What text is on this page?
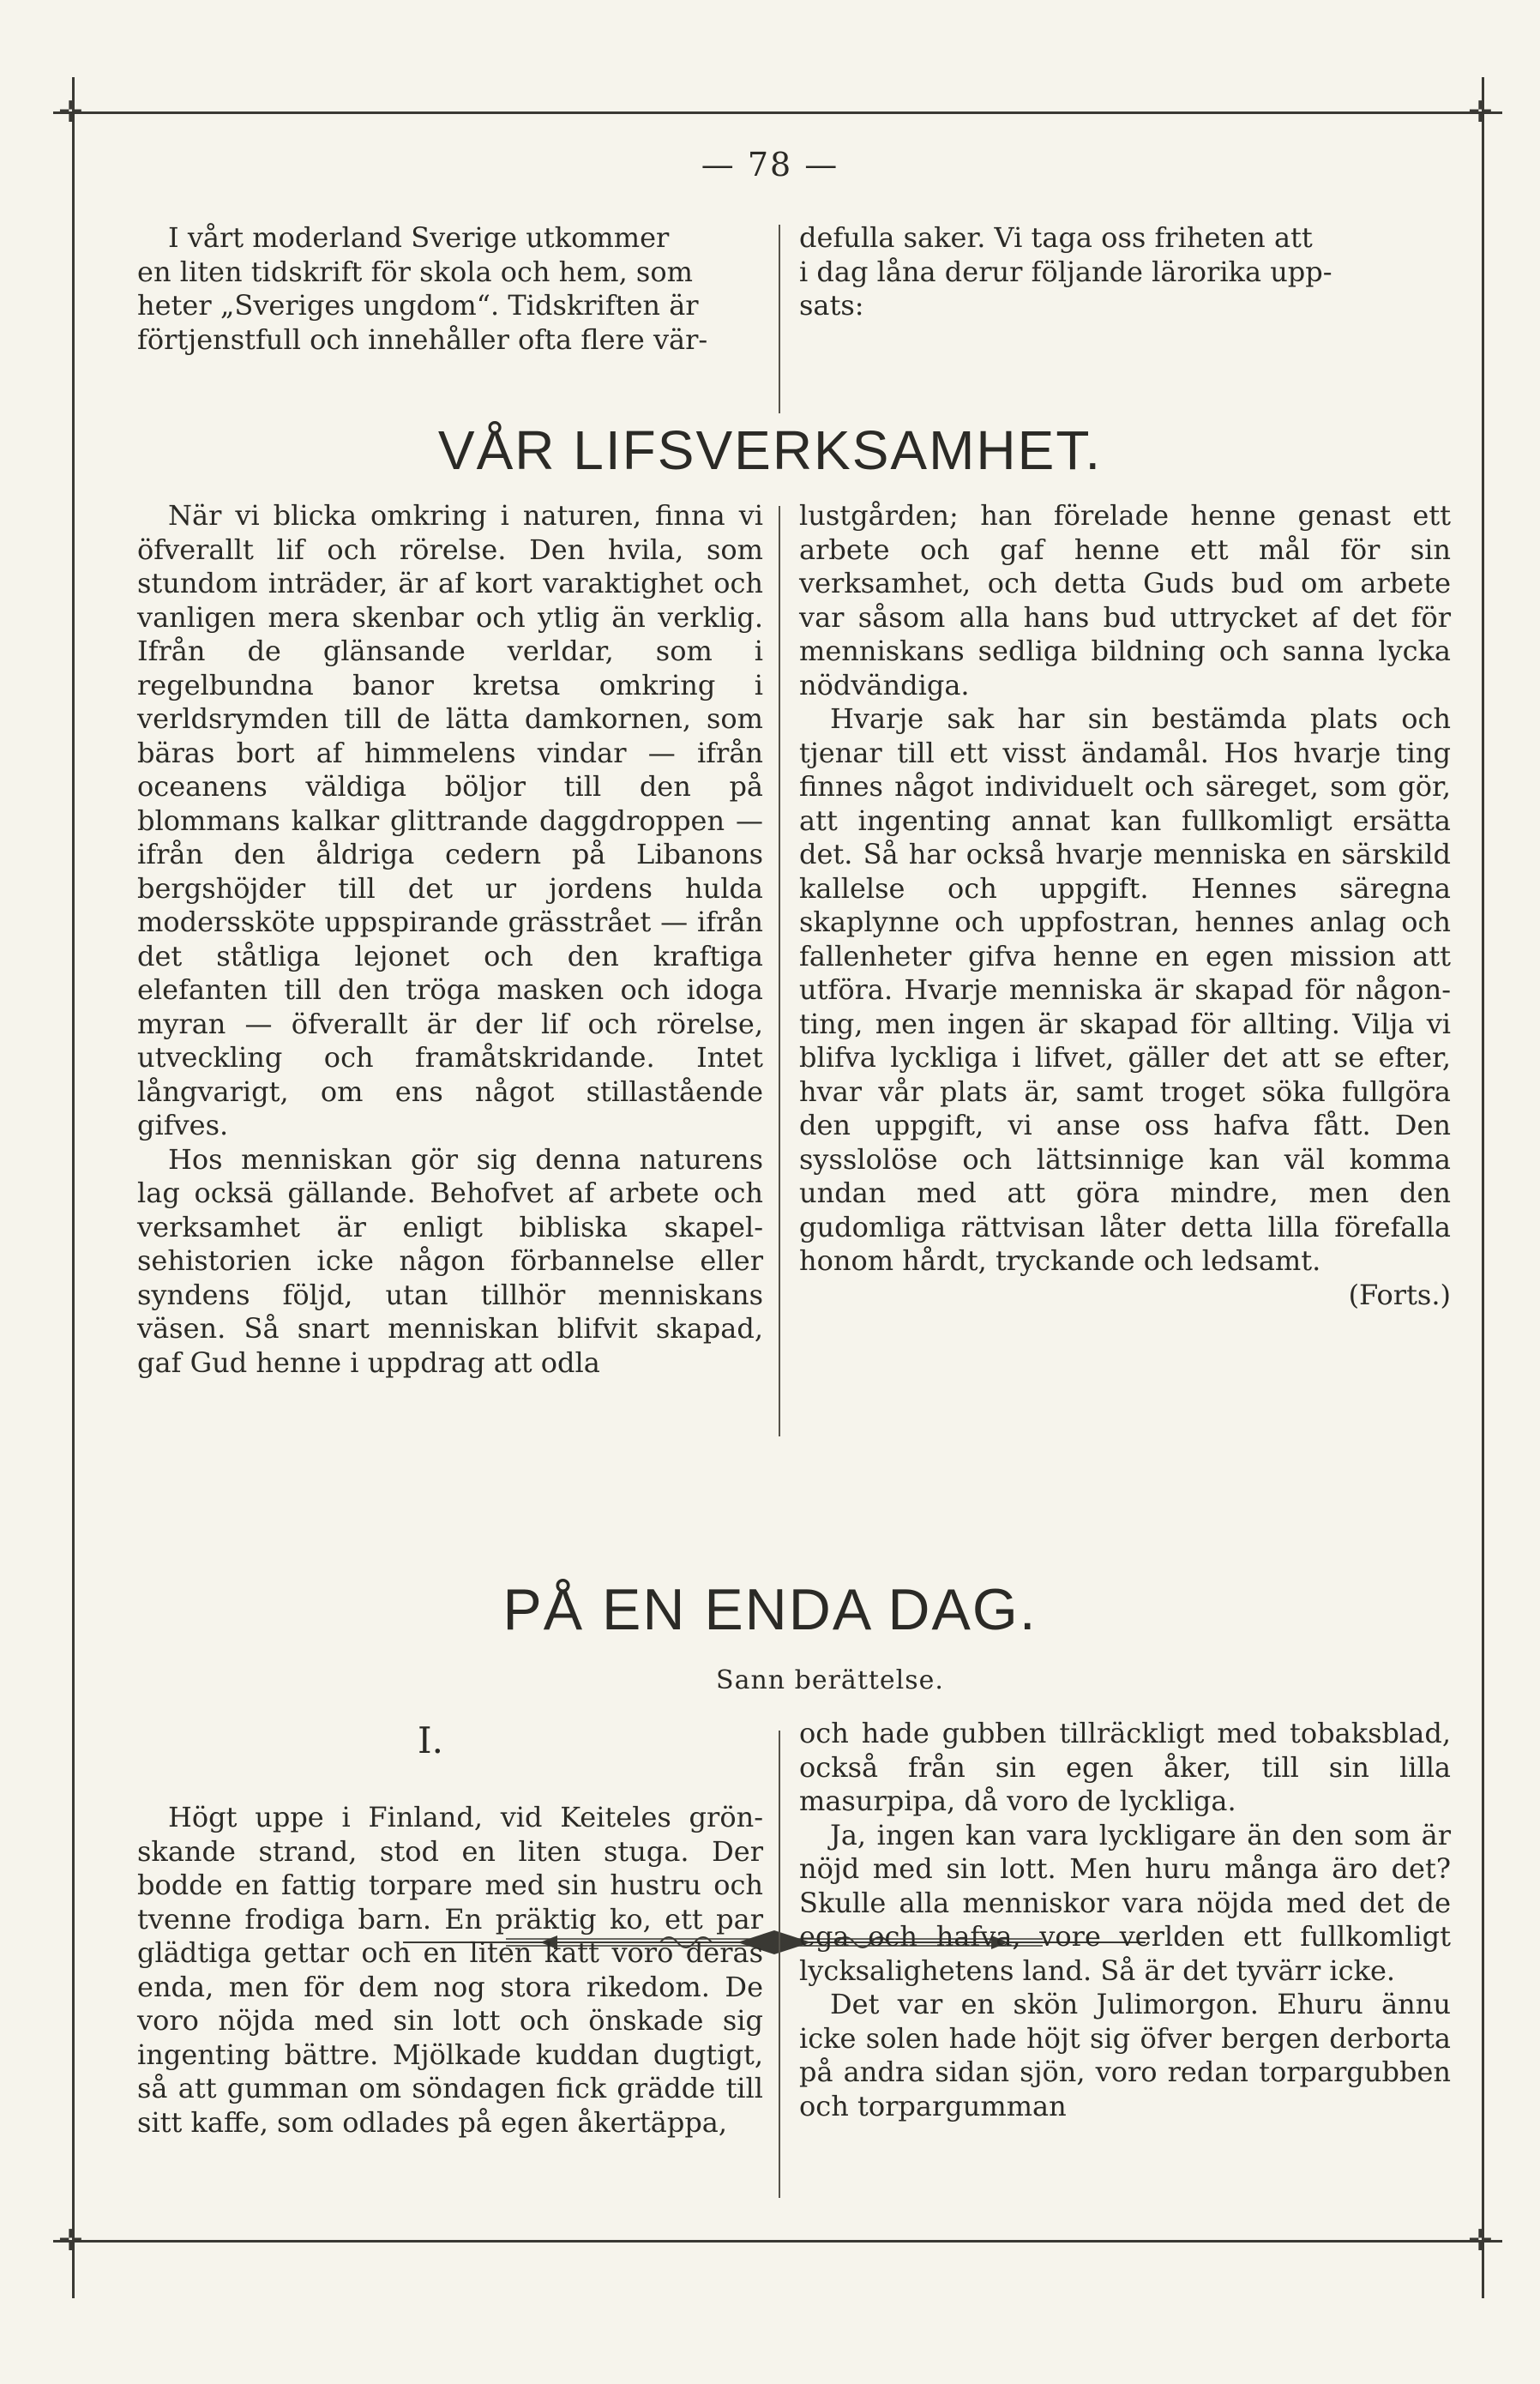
✛	✛
✛	✛
— 78 —
I vårt moderland Sverige utkommer
en liten tidskrift för skola och hem, som
heter „Sveriges ungdom“. Tidskriften är
förtjenstfull och innehåller ofta flere vär-
defulla saker. Vi taga oss friheten att
i dag låna derur följande lärorika upp-
sats:
VÅR LIFSVERKSAMHET.

När vi blicka omkring i naturen, finna vi öfverallt lif och rörelse. Den hvila, som stundom inträder, är af kort varaktighet och vanligen mera skenbar och ytlig än verklig. Ifrån de glänsande verldar, som i regelbundna banor kretsa omkring i verldsrymden till de lätta damkornen, som bäras bort af himmelens vindar — ifrån oceanens väldiga böljor till den på blommans kalkar glittrande daggdroppen — ifrån den åldriga cedern på Libanons bergshöjder till det ur jordens hulda moderssköte uppspirande grässtrået — ifrån det ståtliga lejonet och den kraftiga elefanten till den tröga masken och idoga myran — öfverallt är der lif och rörelse, utveckling och framåtskridande. Intet långvarigt, om ens något stillastående gifves.

Hos menniskan gör sig denna naturens lag ocksä gällande. Behofvet af arbete och verksamhet är enligt bibliska skapelsehistorien icke någon förbannelse eller syndens följd, utan tillhör menniskans väsen. Så snart menniskan blifvit skapad, gaf Gud henne i uppdrag att odla

lustgården; han förelade henne genast ett arbete och gaf henne ett mål för sin verksamhet, och detta Guds bud om arbete var såsom alla hans bud uttrycket af det för menniskans sedliga bildning och sanna lycka nödvändiga.

Hvarje sak har sin bestämda plats och tjenar till ett visst ändamål. Hos hvarje ting finnes något individuelt och säreget, som gör, att ingenting annat kan fullkomligt ersätta det. Så har också hvarje menniska en särskild kallelse och uppgift. Hennes säregna skaplynne och uppfostran, hennes anlag och fallenheter gifva henne en egen mission att utföra. Hvarje menniska är skapad för någonting, men ingen är skapad för allting. Vilja vi blifva lyckliga i lifvet, gäller det att se efter, hvar vår plats är, samt troget söka fullgöra den uppgift, vi anse oss hafva fått. Den sysslolöse och lättsinnige kan väl komma undan med att göra mindre, men den gudomliga rättvisan låter detta lilla förefalla honom hårdt, tryckande och ledsamt.

(Forts.)

PÅ EN ENDA DAG.
Sann berättelse.
I.

Högt uppe i Finland, vid Keiteles grönskande strand, stod en liten stuga. Der bodde en fattig torpare med sin hustru och tvenne frodiga barn. En präktig ko, ett par glädtiga gettar och en liten katt voro deras enda, men för dem nog stora rikedom. De voro nöjda med sin lott och önskade sig ingenting bättre. Mjölkade kuddan dugtigt, så att gumman om söndagen fick grädde till sitt kaffe, som odlades på egen åkertäppa,

och hade gubben tillräckligt med tobaksblad, också från sin egen åker, till sin lilla masurpipa, då voro de lyckliga.

Ja, ingen kan vara lyckligare än den som är nöjd med sin lott. Men huru många äro det? Skulle alla menniskor vara nöjda med det de ega och hafva, vore verlden ett fullkomligt lycksalighetens land. Så är det tyvärr icke.

Det var en skön Julimorgon. Ehuru ännu icke solen hade höjt sig öfver bergen derborta på andra sidan sjön, voro redan torpargubben och torpargumman
